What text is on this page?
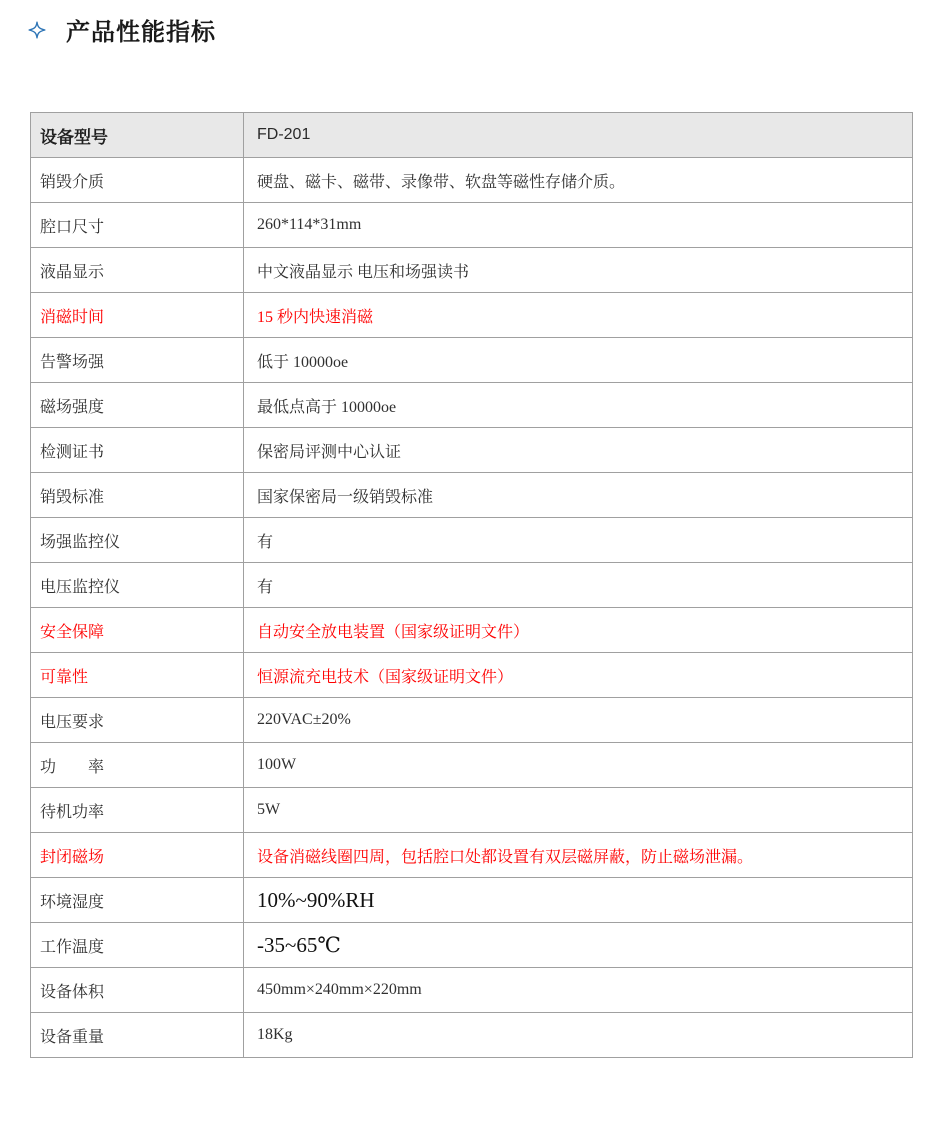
产品性能指标
设备型号	FD-201
销毁介质	硬盘、磁卡、磁带、录像带、软盘等磁性存储介质。
腔口尺寸	260*114*31mm
液晶显示	中文液晶显示 电压和场强读书
消磁时间	15 秒内快速消磁
告警场强	低于 10000oe
磁场强度	最低点高于 10000oe
检测证书	保密局评测中心认证
销毁标准	国家保密局一级销毁标准
场强监控仪	有
电压监控仪	有
安全保障	自动安全放电装置（国家级证明文件）
可靠性	恒源流充电技术（国家级证明文件）
电压要求	220VAC±20%
功　　率	100W
待机功率	5W
封闭磁场	设备消磁线圈四周，包括腔口处都设置有双层磁屏蔽，防止磁场泄漏。
环境湿度	10%~90%RH
工作温度	-35~65℃
设备体积	450mm×240mm×220mm
设备重量	18Kg
